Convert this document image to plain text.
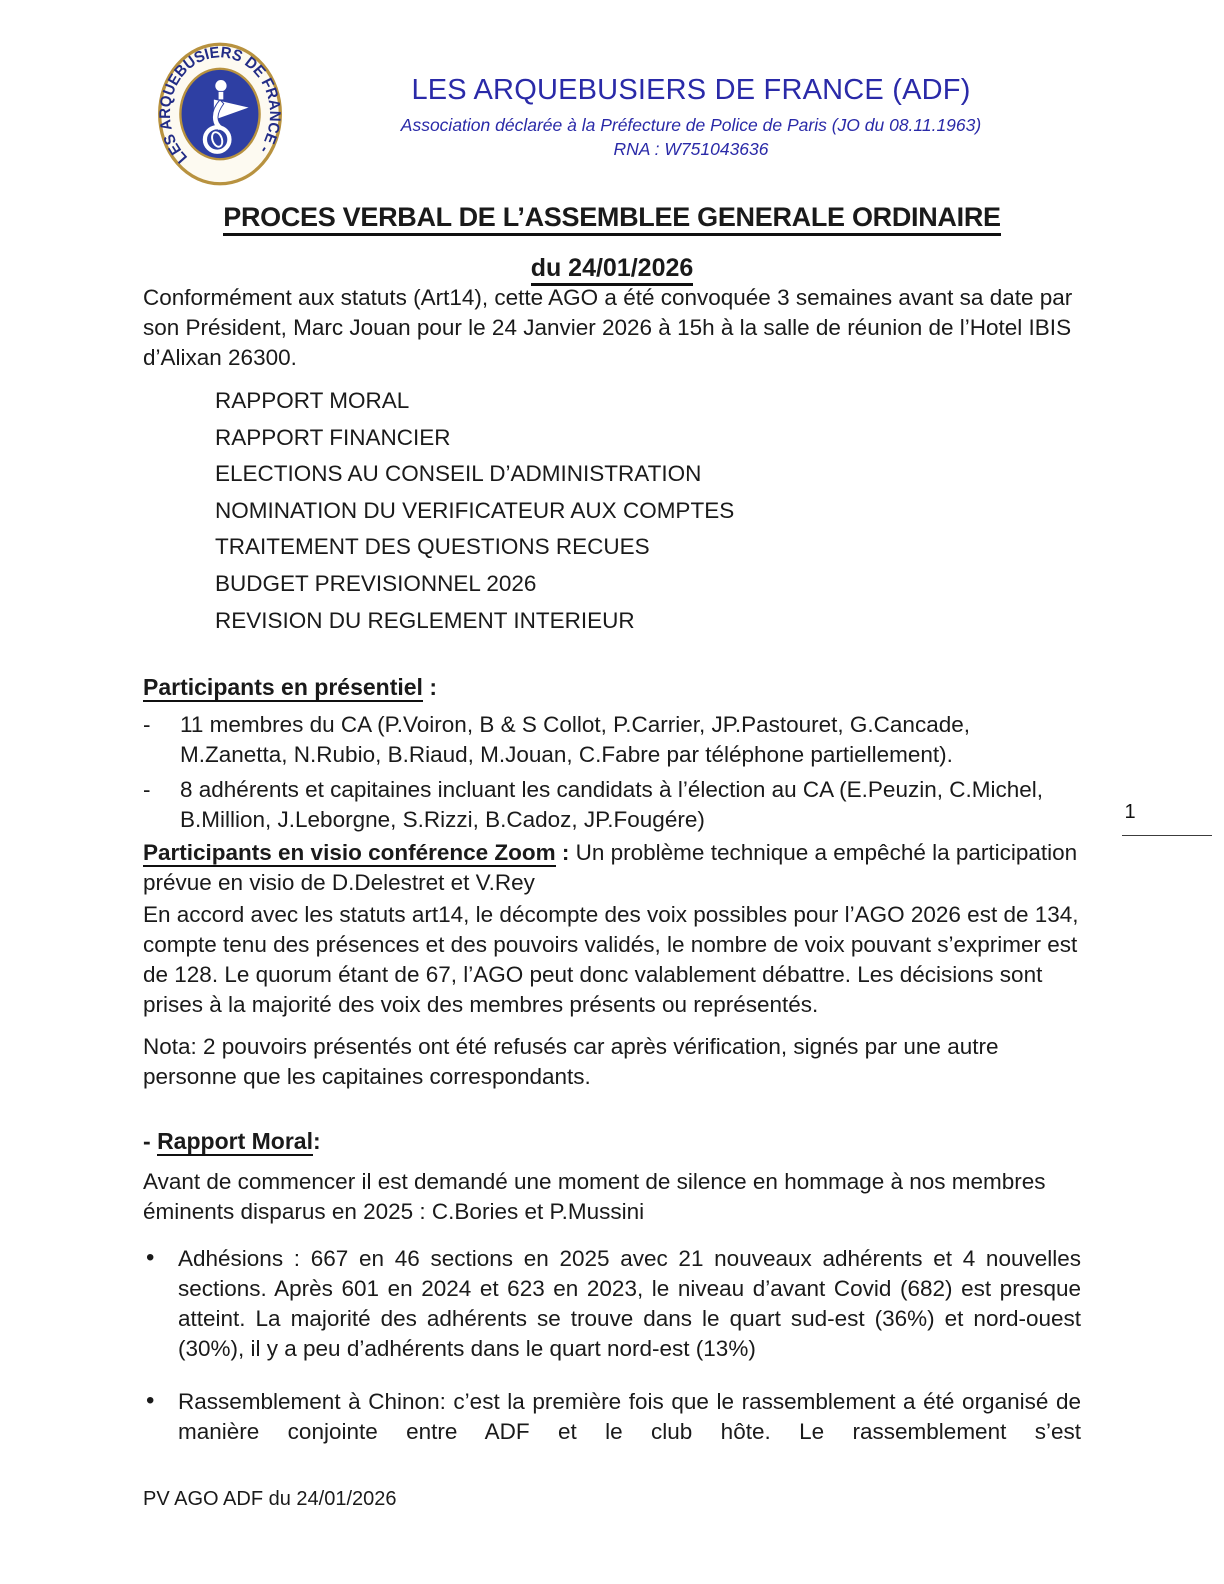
LES ARQUEBUSIERS DE FRANCE -
LES ARQUEBUSIERS DE FRANCE (ADF)
Association déclarée à la Préfecture de Police de Paris (JO du 08.11.1963)
RNA : W751043636
PROCES VERBAL DE L’ASSEMBLEE GENERALE ORDINAIRE
du 24/01/2026

Conformément aux statuts (Art14), cette AGO a été convoquée 3 semaines avant sa date par son Président, Marc Jouan pour le 24 Janvier 2026 à 15h à la salle de réunion de l’Hotel IBIS d’Alixan 26300.

RAPPORT MORAL
RAPPORT FINANCIER
ELECTIONS AU CONSEIL D’ADMINISTRATION
NOMINATION DU VERIFICATEUR AUX COMPTES
TRAITEMENT DES QUESTIONS RECUES
BUDGET PREVISIONNEL 2026
REVISION DU REGLEMENT INTERIEUR
Participants en présentiel :
-	11 membres du CA (P.Voiron, B & S Collot, P.Carrier, JP.Pastouret, G.Cancade, M.Zanetta, N.Rubio, B.Riaud, M.Jouan, C.Fabre par téléphone partiellement).
-	8 adhérents et capitaines incluant les candidats à l’élection au CA (E.Peuzin, C.Michel, B.Million, J.Leborgne, S.Rizzi, B.Cadoz, JP.Fougére)

Participants en visio conférence Zoom : Un problème technique a empêché la participation prévue en visio de D.Delestret et V.Rey

En accord avec les statuts art14, le décompte des voix possibles pour l’AGO 2026 est de 134, compte tenu des présences et des pouvoirs validés, le nombre de voix pouvant s’exprimer est de 128. Le quorum étant de 67, l’AGO peut donc valablement débattre. Les décisions sont prises à la majorité des voix des membres présents ou représentés.

Nota: 2 pouvoirs présentés ont été refusés car après vérification, signés par une autre personne que les capitaines correspondants.

- Rapport Moral:

Avant de commencer il est demandé une moment de silence en hommage à nos membres éminents disparus en 2025 : C.Bories et P.Mussini

• Adhésions : 667 en 46 sections en 2025 avec 21 nouveaux adhérents et 4 nouvelles sections. Après 601 en 2024 et 623 en 2023, le niveau d’avant Covid (682) est presque atteint. La majorité des adhérents se trouve dans le quart sud-est (36%) et nord-ouest (30%), il y a peu d’adhérents dans le quart nord-est (13%)
• Rassemblement à Chinon: c’est la première fois que le rassemblement a été organisé de manière conjointe entre ADF et le club hôte. Le rassemblement s’est
1
PV AGO ADF du 24/01/2026
